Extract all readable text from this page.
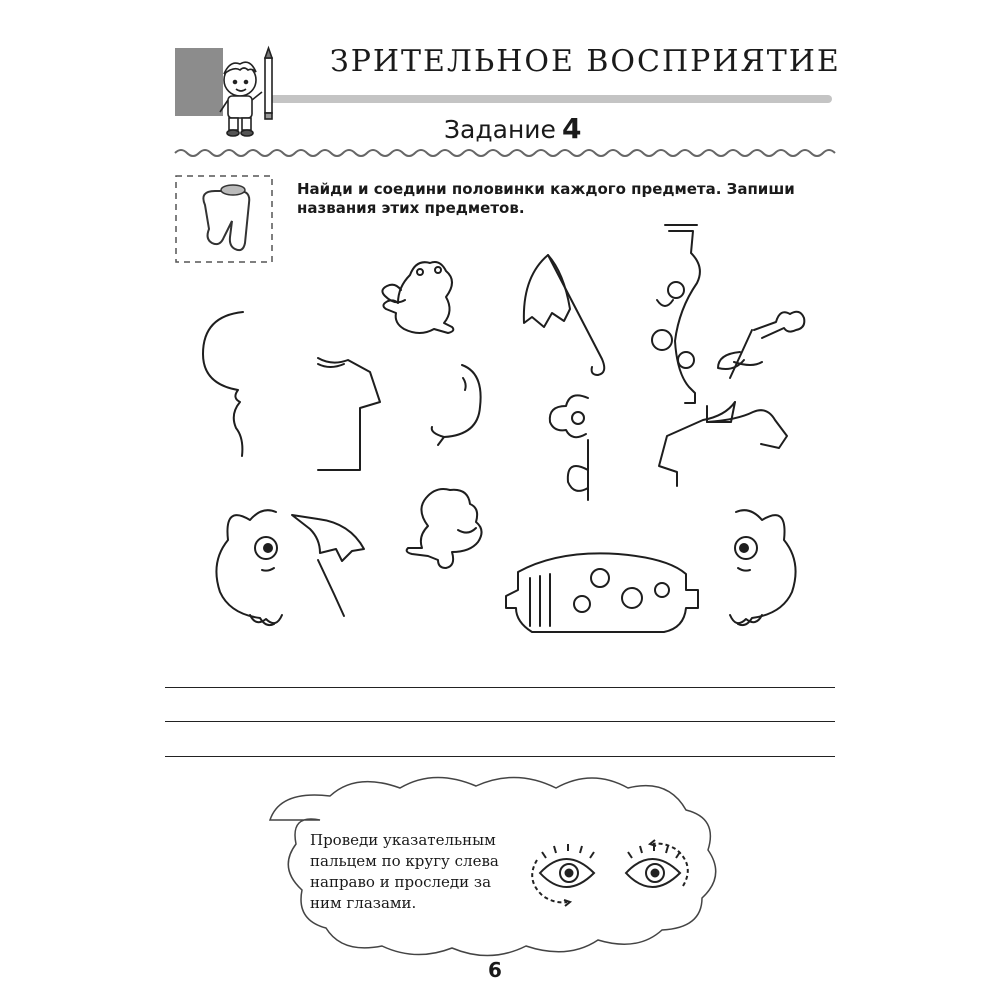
ЗРИТЕЛЬНОЕ ВОСПРИЯТИЕ
Задание 4
Найди и соедини половинки каждого предмета. Запиши названия этих предметов.
Проведи указательным пальцем по кругу слева направо и проследи за ним глазами.
6
